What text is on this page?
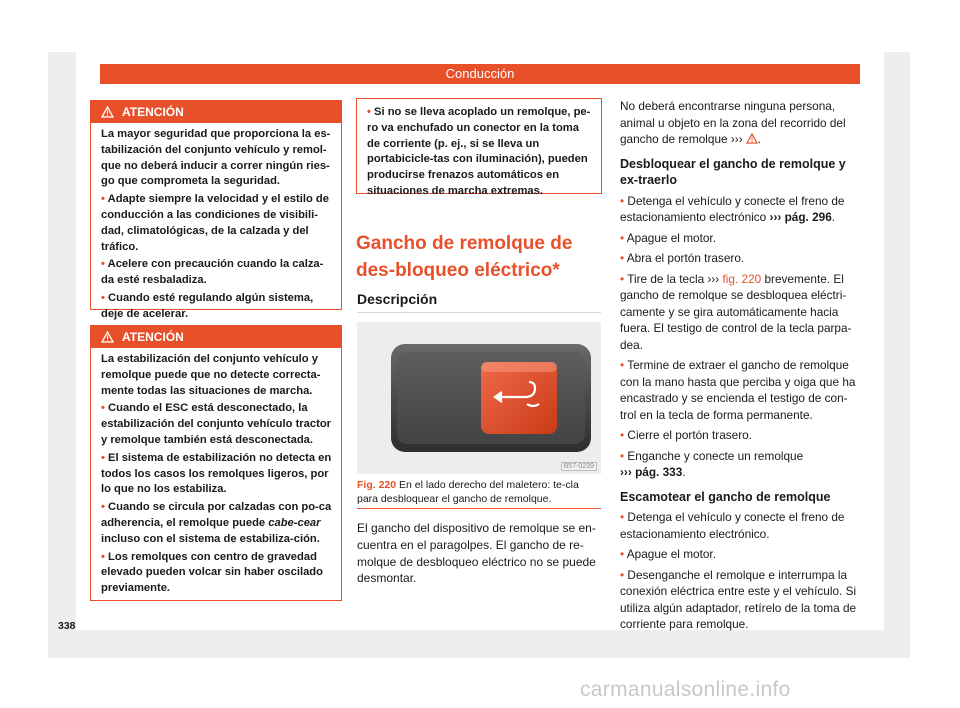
Conducción
ATENCIÓN

La mayor seguridad que proporciona la es-tabilización del conjunto vehículo y remol-que no deberá inducir a correr ningún ries-go que comprometa la seguridad.

• Adapte siempre la velocidad y el estilo de conducción a las condiciones de visibili-dad, climatológicas, de la calzada y del tráfico.

• Acelere con precaución cuando la calza-da esté resbaladiza.

• Cuando esté regulando algún sistema, deje de acelerar.

ATENCIÓN

La estabilización del conjunto vehículo y remolque puede que no detecte correcta-mente todas las situaciones de marcha.

• Cuando el ESC está desconectado, la estabilización del conjunto vehículo tractor y remolque también está desconectada.

• El sistema de estabilización no detecta en todos los casos los remolques ligeros, por lo que no los estabiliza.

• Cuando se circula por calzadas con po-ca adherencia, el remolque puede cabe-cear incluso con el sistema de estabiliza-ción.

• Los remolques con centro de gravedad elevado pueden volcar sin haber oscilado previamente.

• Si no se lleva acoplado un remolque, pe-ro va enchufado un conector en la toma de corriente (p. ej., si se lleva un portabicicle-tas con iluminación), pueden producirse frenazos automáticos en situaciones de marcha extremas.

Gancho de remolque de des-bloqueo eléctrico*
Descripción
B57-0239
Fig. 220 En el lado derecho del maletero: te-cla para desbloquear el gancho de remolque.

El gancho del dispositivo de remolque se en-cuentra en el paragolpes. El gancho de re-molque de desbloqueo eléctrico no se puede desmontar.

No deberá encontrarse ninguna persona, animal u objeto en la zona del recorrido del gancho de remolque ››› .

Desbloquear el gancho de remolque y ex-traerlo

• Detenga el vehículo y conecte el freno de estacionamiento electrónico ››› pág. 296.

• Apague el motor.

• Abra el portón trasero.

• Tire de la tecla ››› fig. 220 brevemente. El gancho de remolque se desbloquea eléctri-camente y se gira automáticamente hacia fuera. El testigo de control de la tecla parpa-dea.

• Termine de extraer el gancho de remolque con la mano hasta que perciba y oiga que ha encastrado y se encienda el testigo de con-trol en la tecla de forma permanente.

• Cierre el portón trasero.

• Enganche y conecte un remolque
››› pág. 333.

Escamotear el gancho de remolque

• Detenga el vehículo y conecte el freno de estacionamiento electrónico.

• Apague el motor.

• Desenganche el remolque e interrumpa la conexión eléctrica entre este y el vehículo. Si utiliza algún adaptador, retírelo de la toma de corriente para remolque.

338
carmanualsonline.info
